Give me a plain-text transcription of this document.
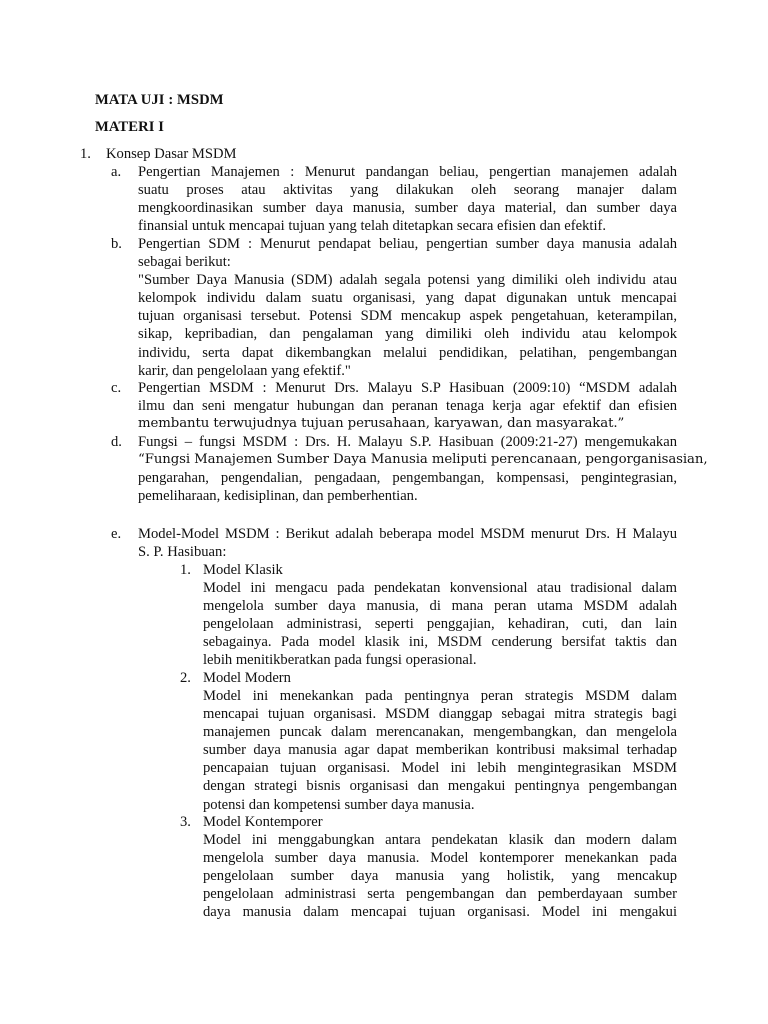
MATA UJI : MSDM
MATERI I
1. Konsep Dasar MSDM
a.	Pengertian Manajemen : Menurut pandangan beliau, pengertian manajemen adalah
suatu proses atau aktivitas yang dilakukan oleh seorang manajer dalam
mengkoordinasikan sumber daya manusia, sumber daya material, dan sumber daya
finansial untuk mencapai tujuan yang telah ditetapkan secara efisien dan efektif.
b.	Pengertian SDM : Menurut pendapat beliau, pengertian sumber daya manusia adalah
sebagai berikut:
"Sumber Daya Manusia (SDM) adalah segala potensi yang dimiliki oleh individu atau
kelompok individu dalam suatu organisasi, yang dapat digunakan untuk mencapai
tujuan organisasi tersebut. Potensi SDM mencakup aspek pengetahuan, keterampilan,
sikap, kepribadian, dan pengalaman yang dimiliki oleh individu atau kelompok
individu, serta dapat dikembangkan melalui pendidikan, pelatihan, pengembangan
karir, dan pengelolaan yang efektif."
c.	Pengertian MSDM : Menurut Drs. Malayu S.P Hasibuan (2009:10) “MSDM adalah
ilmu dan seni mengatur hubungan dan peranan tenaga kerja agar efektif dan efisien
membantu terwujudnya tujuan perusahaan, karyawan, dan masyarakat.”
d.	Fungsi – fungsi MSDM : Drs. H. Malayu S.P. Hasibuan (2009:21-27) mengemukakan
“Fungsi Manajemen Sumber Daya Manusia meliputi perencanaan, pengorganisasian,
pengarahan, pengendalian, pengadaan, pengembangan, kompensasi, pengintegrasian,
pemeliharaan, kedisiplinan, dan pemberhentian.
e.	Model-Model MSDM : Berikut adalah beberapa model MSDM menurut Drs. H Malayu
S. P. Hasibuan:
1. Model Klasik
Model ini mengacu pada pendekatan konvensional atau tradisional dalam
mengelola sumber daya manusia, di mana peran utama MSDM adalah
pengelolaan administrasi, seperti penggajian, kehadiran, cuti, dan lain
sebagainya. Pada model klasik ini, MSDM cenderung bersifat taktis dan
lebih menitikberatkan pada fungsi operasional.
2. Model Modern
Model ini menekankan pada pentingnya peran strategis MSDM dalam
mencapai tujuan organisasi. MSDM dianggap sebagai mitra strategis bagi
manajemen puncak dalam merencanakan, mengembangkan, dan mengelola
sumber daya manusia agar dapat memberikan kontribusi maksimal terhadap
pencapaian tujuan organisasi. Model ini lebih mengintegrasikan MSDM
dengan strategi bisnis organisasi dan mengakui pentingnya pengembangan
potensi dan kompetensi sumber daya manusia.
3. Model Kontemporer
Model ini menggabungkan antara pendekatan klasik dan modern dalam
mengelola sumber daya manusia. Model kontemporer menekankan pada
pengelolaan sumber daya manusia yang holistik, yang mencakup
pengelolaan administrasi serta pengembangan dan pemberdayaan sumber
daya manusia dalam mencapai tujuan organisasi. Model ini mengakui
